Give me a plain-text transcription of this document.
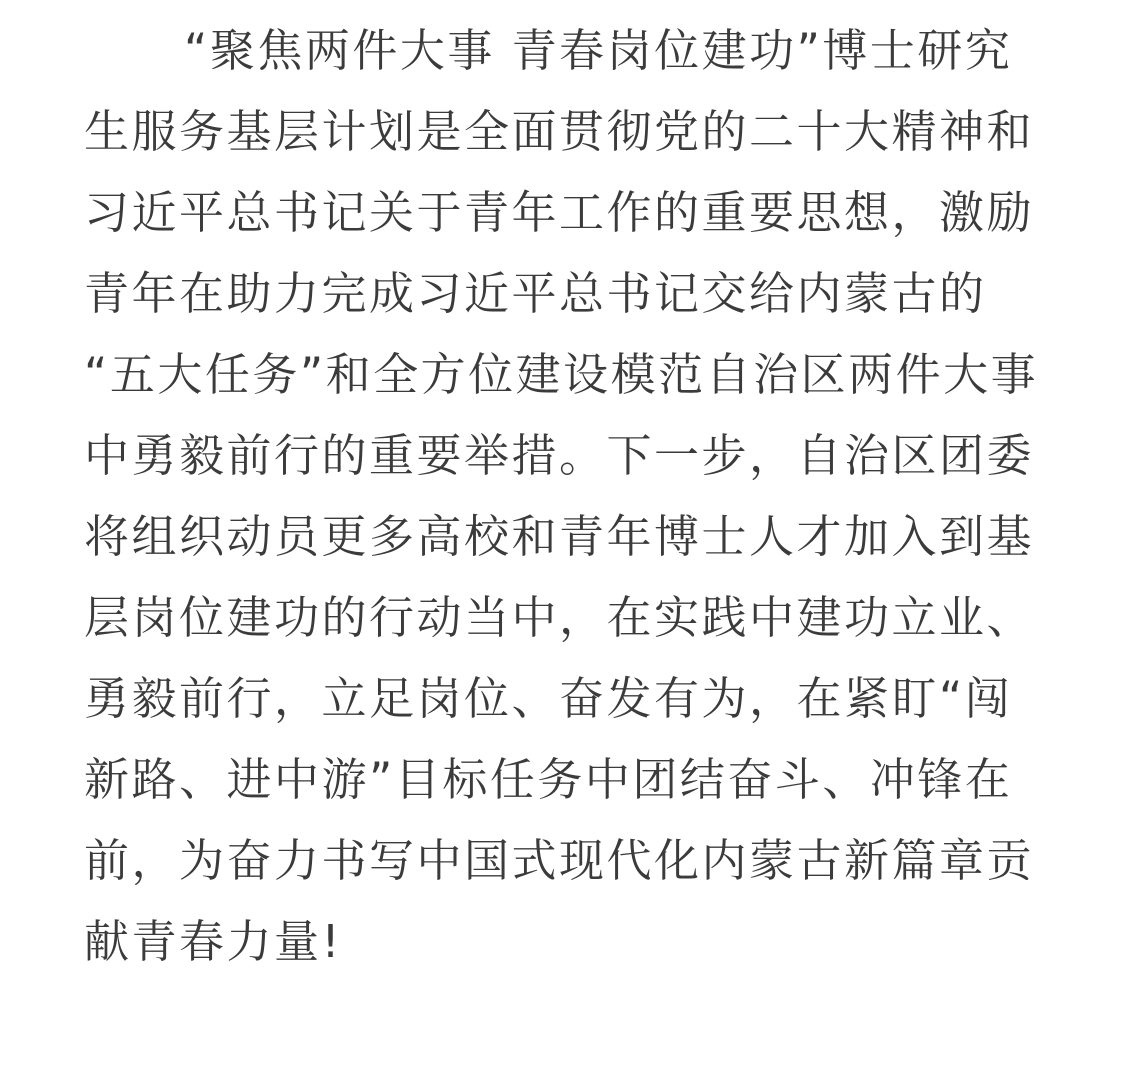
“聚焦两件大事 青春岗位建功”博士研究
生服务基层计划是全面贯彻党的二十大精神和
习近平总书记关于青年工作的重要思想，激励
青年在助力完成习近平总书记交给内蒙古的
“五大任务”和全方位建设模范自治区两件大事
中勇毅前行的重要举措。下一步，自治区团委
将组织动员更多高校和青年博士人才加入到基
层岗位建功的行动当中，在实践中建功立业、
勇毅前行，立足岗位、奋发有为，在紧盯“闯
新路、进中游”目标任务中团结奋斗、冲锋在
前，为奋力书写中国式现代化内蒙古新篇章贡
献青春力量!
